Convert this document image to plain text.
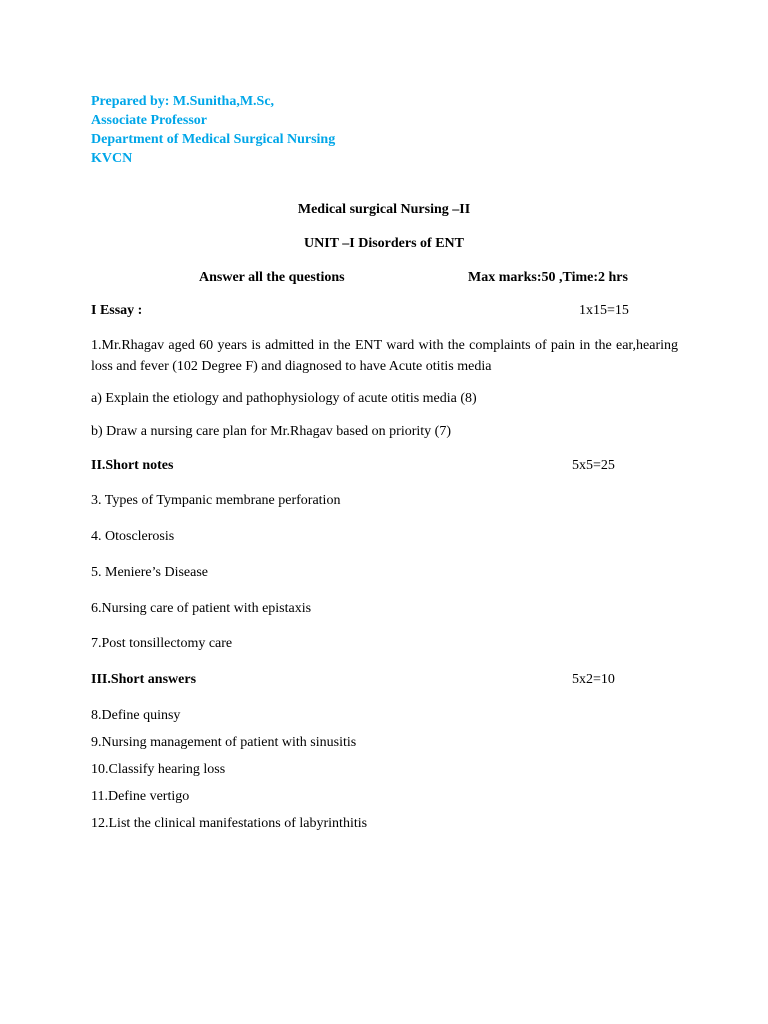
Prepared by: M.Sunitha,M.Sc,
Associate Professor
Department of Medical Surgical Nursing
KVCN
Medical surgical Nursing –II
UNIT –I Disorders of ENT
Answer all the questions	Max marks:50 ,Time:2 hrs
I Essay :	1x15=15
1.Mr.Rhagav aged 60 years is admitted in the ENT ward with the complaints of pain in the ear,hearing loss and fever (102 Degree F) and diagnosed to have Acute otitis media
a) Explain the etiology and pathophysiology of acute otitis media (8)
b) Draw a nursing care plan for Mr.Rhagav based on priority (7)
II.Short notes	5x5=25
3. Types of Tympanic membrane perforation
4. Otosclerosis
5. Meniere’s Disease
6.Nursing care of patient with epistaxis
7.Post tonsillectomy care
III.Short answers	5x2=10
8.Define quinsy
9.Nursing management of patient with sinusitis
10.Classify hearing loss
11.Define vertigo
12.List the clinical manifestations of labyrinthitis
